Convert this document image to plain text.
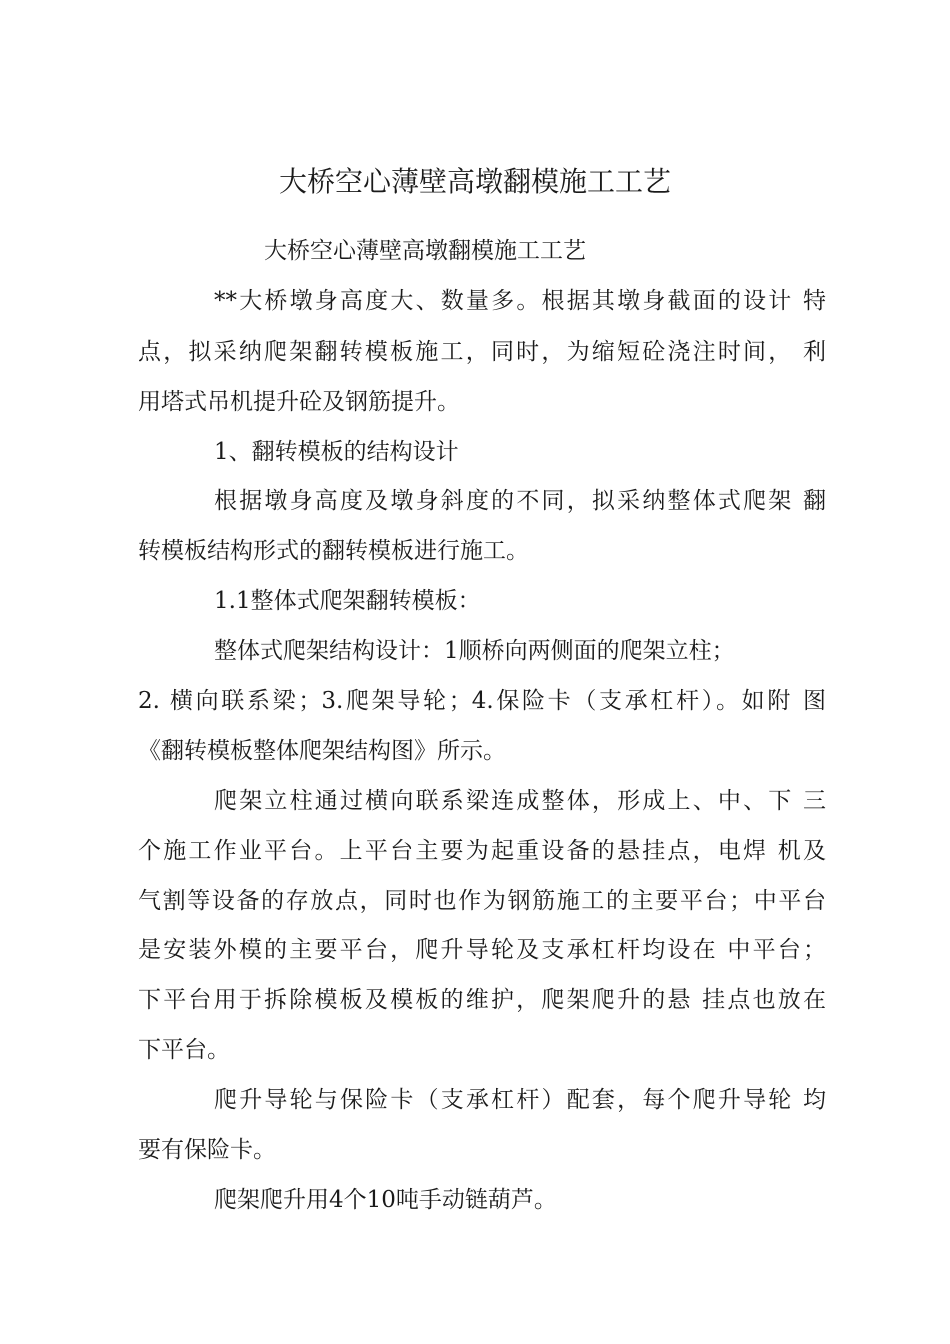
大桥空心薄壁高墩翻模施工工艺
大桥空心薄壁高墩翻模施工工艺
**大桥墩身高度大、数量多。根据其墩身截面的设计 特
点，拟采纳爬架翻转模板施工，同时，为缩短砼浇注时间， 利
用塔式吊机提升砼及钢筋提升。
1、翻转模板的结构设计
根据墩身高度及墩身斜度的不同，拟采纳整体式爬架 翻
转模板结构形式的翻转模板进行施工。
1.1整体式爬架翻转模板：
整体式爬架结构设计：1顺桥向两侧面的爬架立柱；
2. 横向联系梁；3.爬架导轮；4.保险卡（支承杠杆）。如附 图
《翻转模板整体爬架结构图》所示。
爬架立柱通过横向联系梁连成整体，形成上、中、下 三
个施工作业平台。上平台主要为起重设备的悬挂点，电焊 机及
气割等设备的存放点，同时也作为钢筋施工的主要平台；中平台
是安装外模的主要平台，爬升导轮及支承杠杆均设在 中平台；
下平台用于拆除模板及模板的维护，爬架爬升的悬 挂点也放在
下平台。
爬升导轮与保险卡（支承杠杆）配套，每个爬升导轮 均
要有保险卡。
爬架爬升用4个10吨手动链葫芦。
